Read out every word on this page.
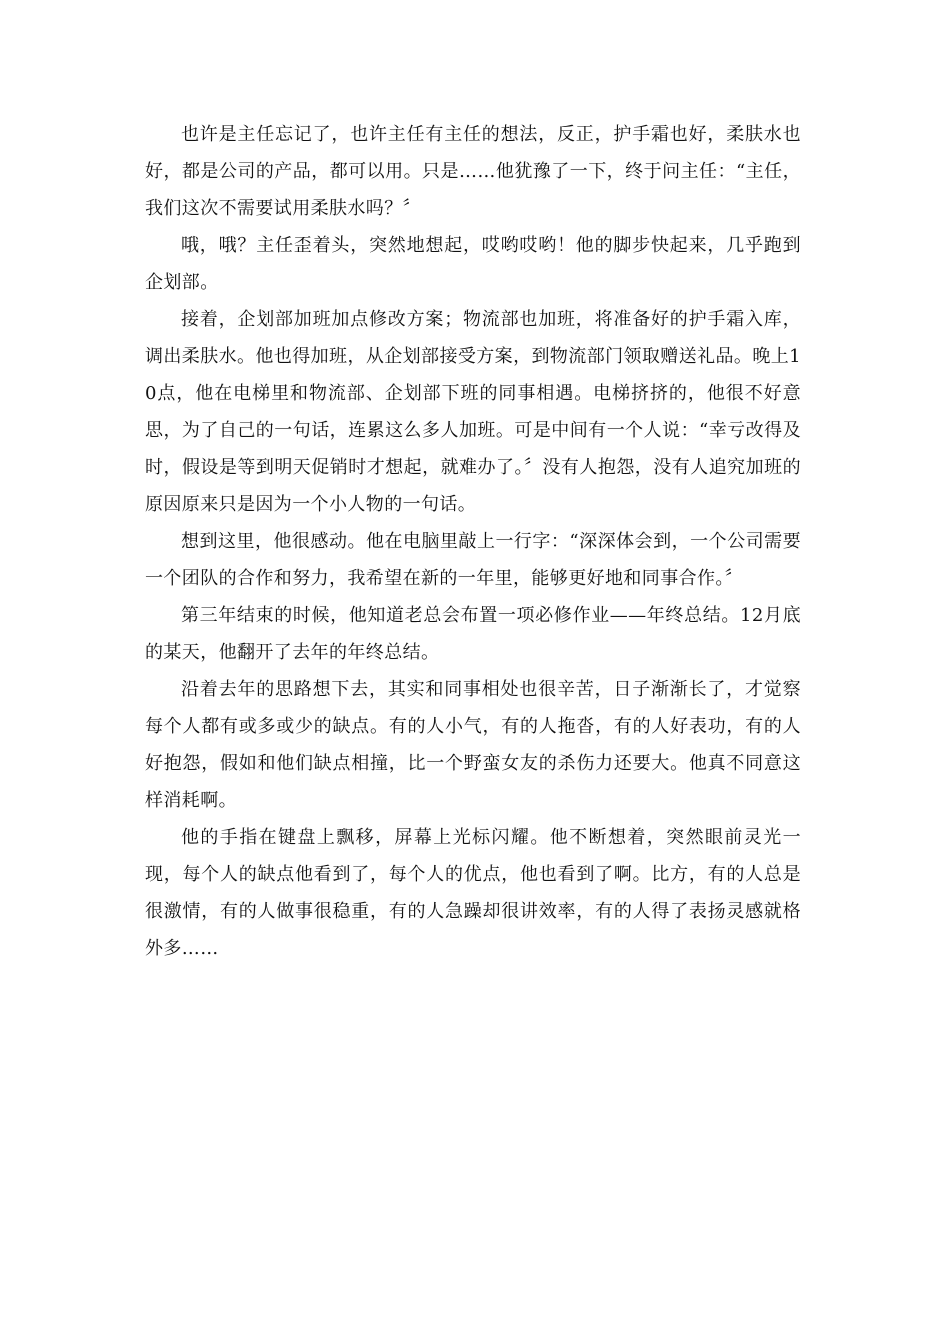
也许是主任忘记了，也许主任有主任的想法，反正，护手霜也好，柔肤水也好，都是公司的产品，都可以用。只是……他犹豫了一下，终于问主任：“主任，我们这次不需要试用柔肤水吗？〞

哦，哦？主任歪着头，突然地想起，哎哟哎哟！他的脚步快起来，几乎跑到企划部。

接着，企划部加班加点修改方案；物流部也加班，将准备好的护手霜入库，调出柔肤水。他也得加班，从企划部接受方案，到物流部门领取赠送礼品。晚上10点，他在电梯里和物流部、企划部下班的同事相遇。电梯挤挤的，他很不好意思，为了自己的一句话，连累这么多人加班。可是中间有一个人说：“幸亏改得及时，假设是等到明天促销时才想起，就难办了。〞没有人抱怨，没有人追究加班的原因原来只是因为一个小人物的一句话。

想到这里，他很感动。他在电脑里敲上一行字：“深深体会到，一个公司需要一个团队的合作和努力，我希望在新的一年里，能够更好地和同事合作。〞

第三年结束的时候，他知道老总会布置一项必修作业——年终总结。12月底的某天，他翻开了去年的年终总结。

沿着去年的思路想下去，其实和同事相处也很辛苦，日子渐渐长了，才觉察每个人都有或多或少的缺点。有的人小气，有的人拖沓，有的人好表功，有的人好抱怨，假如和他们缺点相撞，比一个野蛮女友的杀伤力还要大。他真不同意这样消耗啊。

他的手指在键盘上飘移，屏幕上光标闪耀。他不断想着，突然眼前灵光一现，每个人的缺点他看到了，每个人的优点，他也看到了啊。比方，有的人总是很激情，有的人做事很稳重，有的人急躁却很讲效率，有的人得了表扬灵感就格外多……
